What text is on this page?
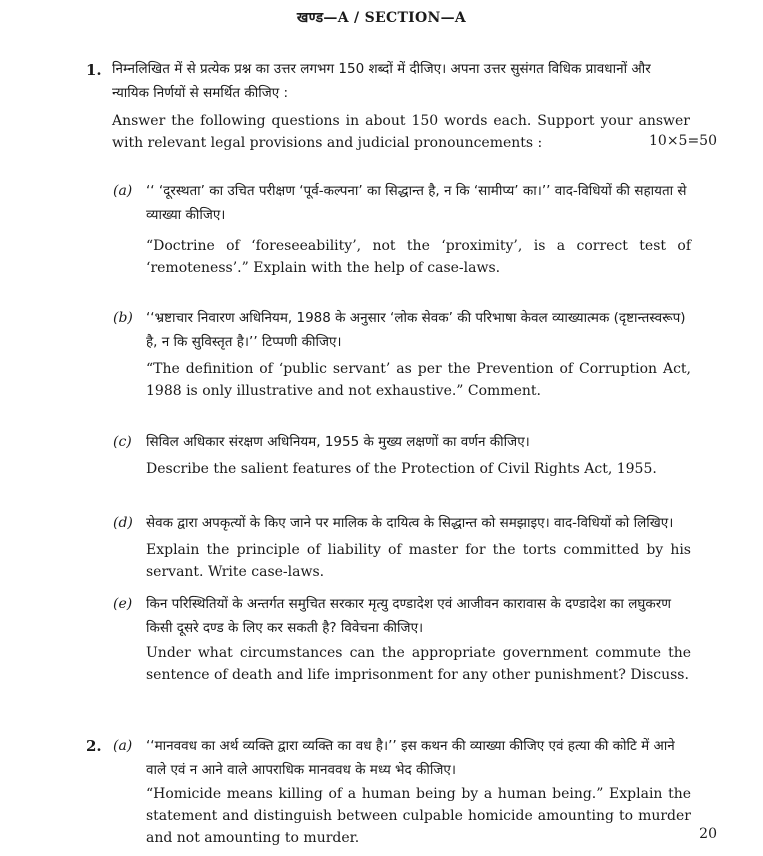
खण्ड—A / SECTION—A
1. निम्नलिखित में से प्रत्येक प्रश्न का उत्तर लगभग 150 शब्दों में दीजिए। अपना उत्तर सुसंगत विधिक प्रावधानों और न्यायिक निर्णयों से समर्थित कीजिए :
Answer the following questions in about 150 words each. Support your answer with relevant legal provisions and judicial pronouncements :	10×5=50
(a) ‘‘ ‘दूरस्थता’ का उचित परीक्षण ‘पूर्व-कल्पना’ का सिद्धान्त है, न कि ‘सामीप्य’ का।’’ वाद-विधियों की सहायता से व्याख्या कीजिए।
“Doctrine of ‘foreseeability’, not the ‘proximity’, is a correct test of ‘remoteness’.” Explain with the help of case-laws.
(b) ‘‘भ्रष्टाचार निवारण अधिनियम, 1988 के अनुसार ‘लोक सेवक’ की परिभाषा केवल व्याख्यात्मक (दृष्टान्तस्वरूप) है, न कि सुविस्तृत है।’’ टिप्पणी कीजिए।
“The definition of ‘public servant’ as per the Prevention of Corruption Act, 1988 is only illustrative and not exhaustive.” Comment.
(c) सिविल अधिकार संरक्षण अधिनियम, 1955 के मुख्य लक्षणों का वर्णन कीजिए।
Describe the salient features of the Protection of Civil Rights Act, 1955.
(d) सेवक द्वारा अपकृत्यों के किए जाने पर मालिक के दायित्व के सिद्धान्त को समझाइए। वाद-विधियों को लिखिए।
Explain the principle of liability of master for the torts committed by his servant. Write case-laws.
(e) किन परिस्थितियों के अन्तर्गत समुचित सरकार मृत्यु दण्डादेश एवं आजीवन कारावास के दण्डादेश का लघुकरण किसी दूसरे दण्ड के लिए कर सकती है? विवेचना कीजिए।
Under what circumstances can the appropriate government commute the sentence of death and life imprisonment for any other punishment? Discuss.
2. (a) ‘‘मानववध का अर्थ व्यक्ति द्वारा व्यक्ति का वध है।’’ इस कथन की व्याख्या कीजिए एवं हत्या की कोटि में आने वाले एवं न आने वाले आपराधिक मानववध के मध्य भेद कीजिए।
“Homicide means killing of a human being by a human being.” Explain the statement and distinguish between culpable homicide amounting to murder and not amounting to murder.	20
